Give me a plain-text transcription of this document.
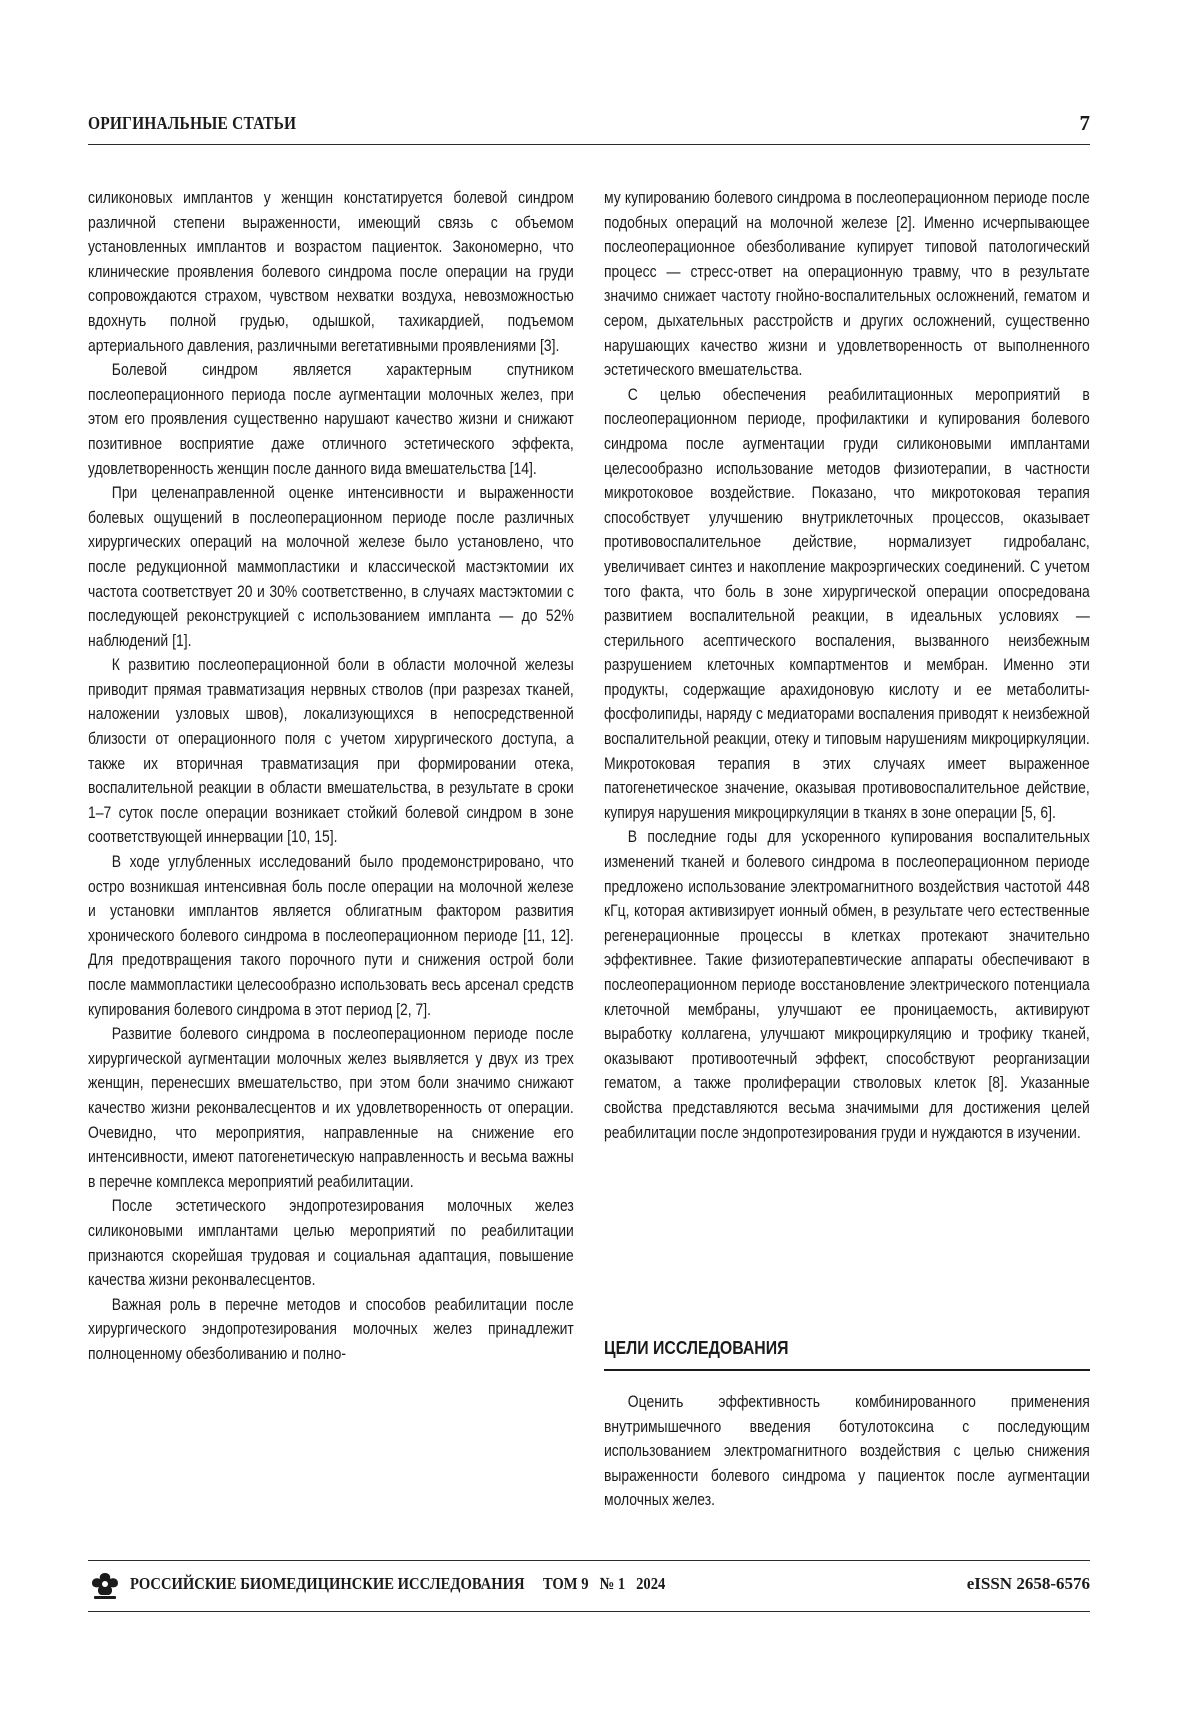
ОРИГИНАЛЬНЫЕ СТАТЬИ	7

силиконовых имплантов у женщин констатируется болевой синдром различной степени выраженности, имеющий связь с объемом установленных имплантов и возрастом пациенток. Закономерно, что клинические проявления болевого синдрома после операции на груди сопровождаются страхом, чувством нехватки воздуха, невозможностью вдохнуть полной грудью, одышкой, тахикардией, подъемом артериального давления, различными вегетативными проявлениями [3].

Болевой синдром является характерным спутником послеоперационного периода после аугментации молочных желез, при этом его проявления существенно нарушают качество жизни и снижают позитивное восприятие даже отличного эстетического эффекта, удовлетворенность женщин после данного вида вмешательства [14].

При целенаправленной оценке интенсивности и выраженности болевых ощущений в послеоперационном периоде после различных хирургических операций на молочной железе было установлено, что после редукционной маммопластики и классической мастэктомии их частота соответствует 20 и 30% соответственно, в случаях мастэктомии с последующей реконструкцией с использованием импланта — до 52% наблюдений [1].

К развитию послеоперационной боли в области молочной железы приводит прямая травматизация нервных стволов (при разрезах тканей, наложении узловых швов), локализующихся в непосредственной близости от операционного поля с учетом хирургического доступа, а также их вторичная травматизация при формировании отека, воспалительной реакции в области вмешательства, в результате в сроки 1–7 суток после операции возникает стойкий болевой синдром в зоне соответствующей иннервации [10, 15].

В ходе углубленных исследований было продемонстрировано, что остро возникшая интенсивная боль после операции на молочной железе и установки имплантов является облигатным фактором развития хронического болевого синдрома в послеоперационном периоде [11, 12]. Для предотвращения такого порочного пути и снижения острой боли после маммопластики целесообразно использовать весь арсенал средств купирования болевого синдрома в этот период [2, 7].

Развитие болевого синдрома в послеоперационном периоде после хирургической аугментации молочных желез выявляется у двух из трех женщин, перенесших вмешательство, при этом боли значимо снижают качество жизни реконвалесцентов и их удовлетворенность от операции. Очевидно, что мероприятия, направленные на снижение его интенсивности, имеют патогенетическую направленность и весьма важны в перечне комплекса мероприятий реабилитации.

После эстетического эндопротезирования молочных желез силиконовыми имплантами целью мероприятий по реабилитации признаются скорейшая трудовая и социальная адаптация, повышение качества жизни реконвалесцентов.

Важная роль в перечне методов и способов реабилитации после хирургического эндопротезирования молочных желез принадлежит полноценному обезболиванию и полно-

му купированию болевого синдрома в послеоперационном периоде после подобных операций на молочной железе [2]. Именно исчерпывающее послеоперационное обезболивание купирует типовой патологический процесс — стресс-ответ на операционную травму, что в результате значимо снижает частоту гнойно-воспалительных осложнений, гематом и сером, дыхательных расстройств и других осложнений, существенно нарушающих качество жизни и удовлетворенность от выполненного эстетического вмешательства.

С целью обеспечения реабилитационных мероприятий в послеоперационном периоде, профилактики и купирования болевого синдрома после аугментации груди силиконовыми имплантами целесообразно использование методов физиотерапии, в частности микротоковое воздействие. Показано, что микротоковая терапия способствует улучшению внутриклеточных процессов, оказывает противовоспалительное действие, нормализует гидробаланс, увеличивает синтез и накопление макроэргических соединений. С учетом того факта, что боль в зоне хирургической операции опосредована развитием воспалительной реакции, в идеальных условиях — стерильного асептического воспаления, вызванного неизбежным разрушением клеточных компартментов и мембран. Именно эти продукты, содержащие арахидоновую кислоту и ее метаболиты-фосфолипиды, наряду с медиаторами воспаления приводят к неизбежной воспалительной реакции, отеку и типовым нарушениям микроциркуляции. Микротоковая терапия в этих случаях имеет выраженное патогенетическое значение, оказывая противовоспалительное действие, купируя нарушения микроциркуляции в тканях в зоне операции [5, 6].

В последние годы для ускоренного купирования воспалительных изменений тканей и болевого синдрома в послеоперационном периоде предложено использование электромагнитного воздействия частотой 448 кГц, которая активизирует ионный обмен, в результате чего естественные регенерационные процессы в клетках протекают значительно эффективнее. Такие физиотерапевтические аппараты обеспечивают в послеоперационном периоде восстановление электрического потенциала клеточной мембраны, улучшают ее проницаемость, активируют выработку коллагена, улучшают микроциркуляцию и трофику тканей, оказывают противоотечный эффект, способствуют реорганизации гематом, а также пролиферации стволовых клеток [8]. Указанные свойства представляются весьма значимыми для достижения целей реабилитации после эндопротезирования груди и нуждаются в изучении.

ЦЕЛИ ИССЛЕДОВАНИЯ

Оценить эффективность комбинированного применения внутримышечного введения ботулотоксина с последующим использованием электромагнитного воздействия с целью снижения выраженности болевого синдрома у пациенток после аугментации молочных желез.

РОССИЙСКИЕ БИОМЕДИЦИНСКИЕ ИССЛЕДОВАНИЯ ТОМ 9 № 1 2024	eISSN 2658-6576
